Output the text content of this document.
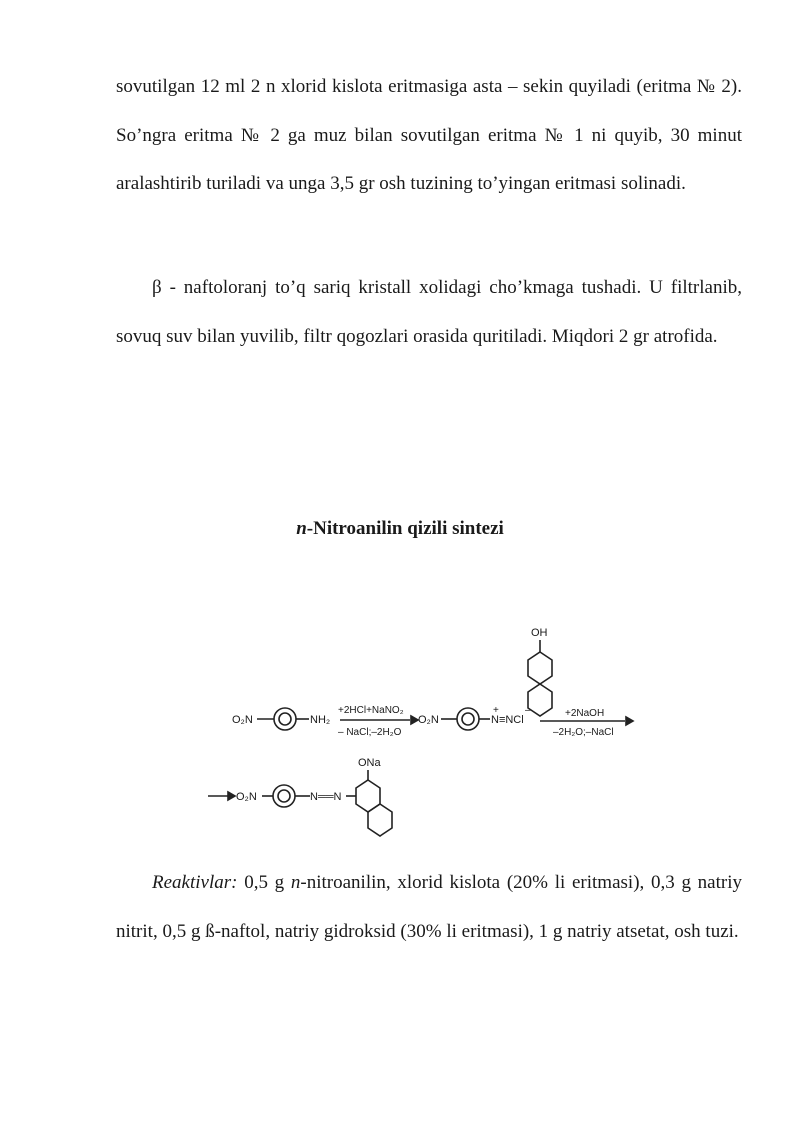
sovutilgan 12 ml 2 n xlorid kislota eritmasiga asta – sekin quyiladi (eritma № 2). So’ngra eritma № 2 ga muz bilan sovutilgan eritma № 1 ni quyib, 30 minut aralashtirib turiladi va unga 3,5 gr osh tuzining to’yingan eritmasi solinadi.

β - naftoloranj to’q sariq kristall xolidagi cho’kmaga tushadi. U filtrlanib, sovuq suv bilan yuvilib, filtr qogozlari orasida quritiladi. Miqdori 2 gr atrofida.

n-Nitroanilin qizili sintezi

O₂N	NH₂
+2HCl+NaNO₂
– NaCl;–2H₂O
O₂N
+	–
N≡NCl
OH
+2NaOH
–2H₂O;–NaCl
O₂N	N══N
ONa

Reaktivlar: 0,5 g n-nitroanilin, xlorid kislota (20% li eritmasi), 0,3 g natriy nitrit, 0,5 g ß-naftol, natriy gidroksid (30% li eritmasi), 1 g natriy atsetat, osh tuzi.
